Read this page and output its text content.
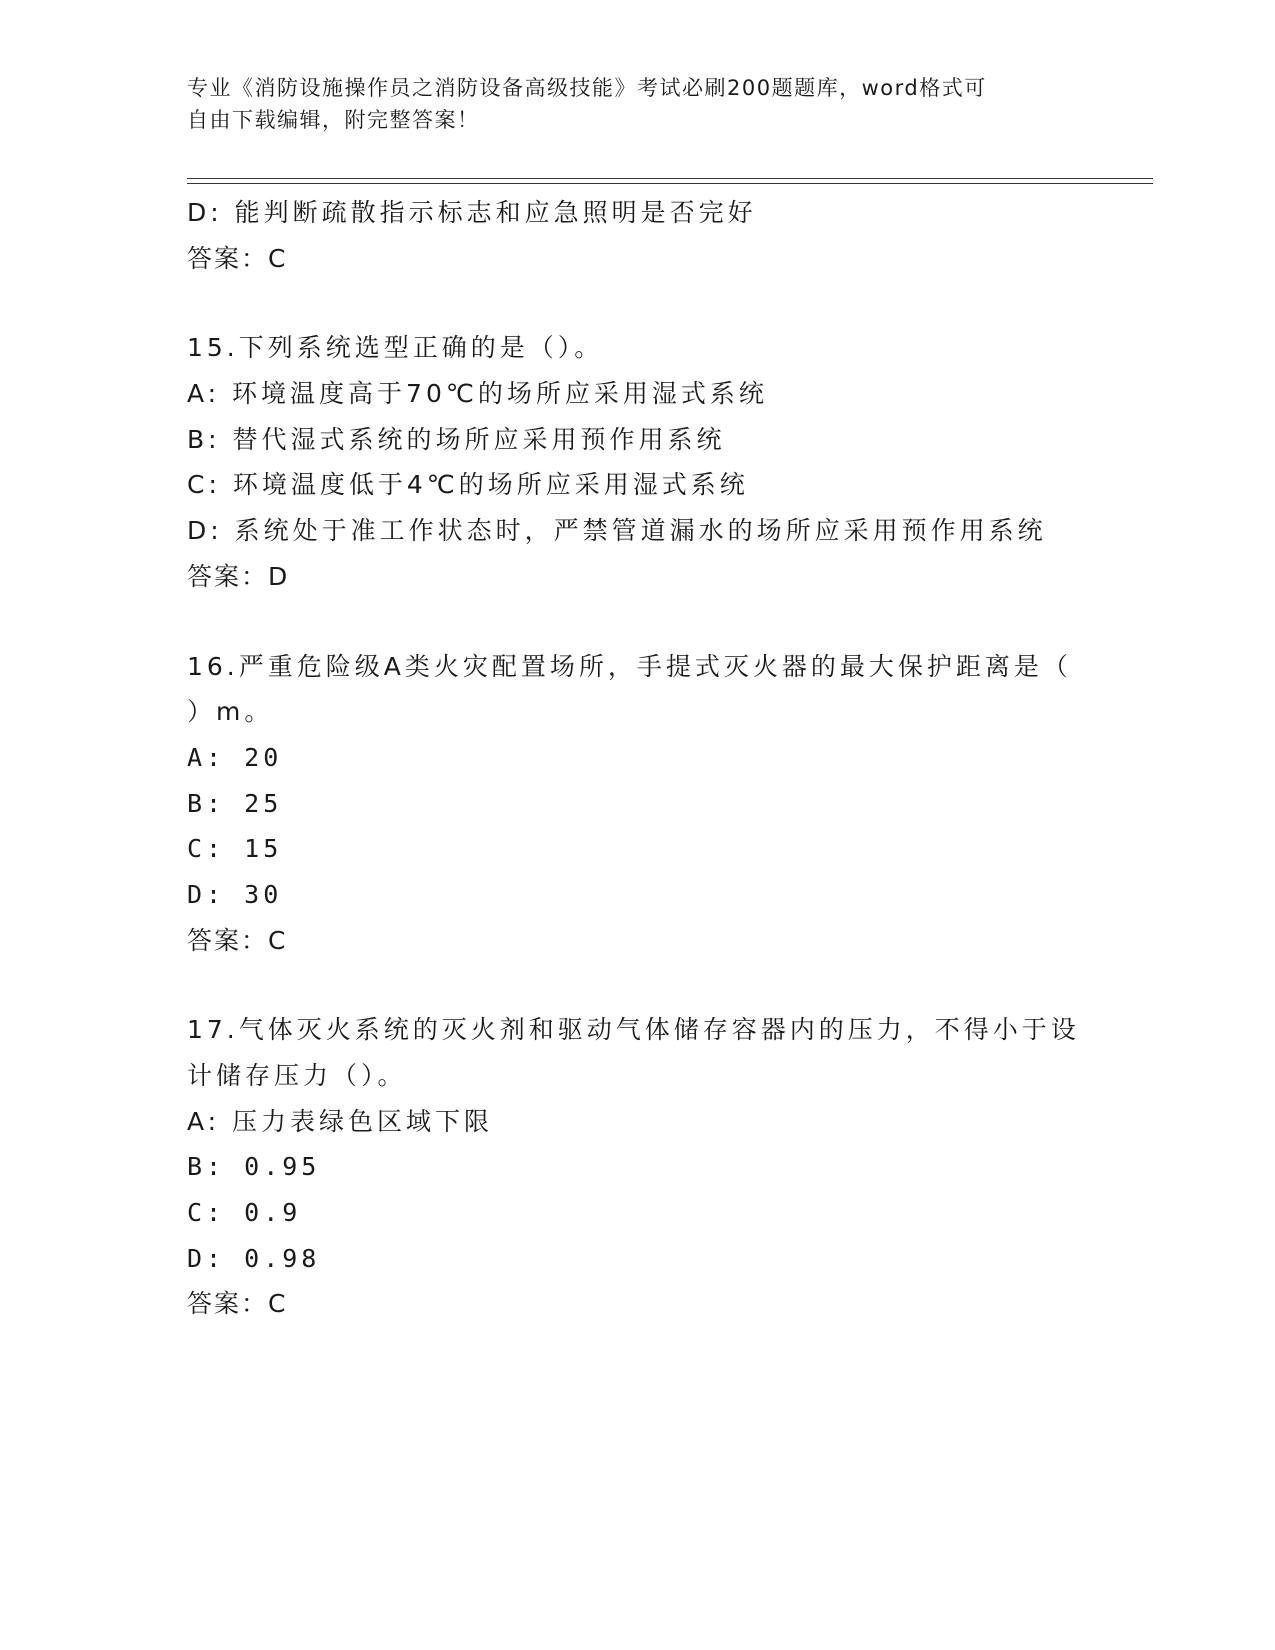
专业《消防设施操作员之消防设备高级技能》考试必刷200题题库，word格式可
自由下载编辑，附完整答案！
D: 能判断疏散指示标志和应急照明是否完好
答案：C
15.下列系统选型正确的是（）。
A: 环境温度高于70℃的场所应采用湿式系统
B: 替代湿式系统的场所应采用预作用系统
C: 环境温度低于4℃的场所应采用湿式系统
D: 系统处于准工作状态时，严禁管道漏水的场所应采用预作用系统
答案：D
16.严重危险级A类火灾配置场所，手提式灭火器的最大保护距离是（
）m。
A: 20
B: 25
C: 15
D: 30
答案：C
17.气体灭火系统的灭火剂和驱动气体储存容器内的压力，不得小于设
计储存压力（）。
A: 压力表绿色区域下限
B: 0.95
C: 0.9
D: 0.98
答案：C
